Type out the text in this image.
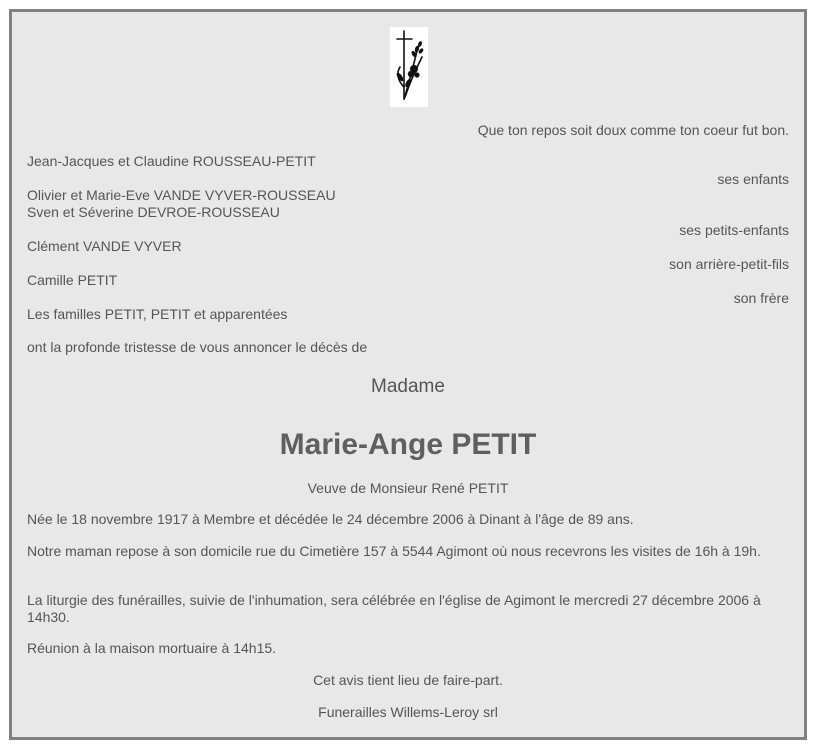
Que ton repos soit doux comme ton coeur fut bon.
Jean-Jacques et Claudine ROUSSEAU-PETIT
ses enfants
Olivier et Marie-Eve VANDE VYVER-ROUSSEAU
Sven et Séverine DEVROE-ROUSSEAU
ses petits-enfants
Clément VANDE VYVER
son arrière-petit-fils
Camille PETIT
son frère
Les familles PETIT, PETIT et apparentées
ont la profonde tristesse de vous annoncer le décès de
Madame
Marie-Ange PETIT
Veuve de Monsieur René PETIT
Née le 18 novembre 1917 à Membre et décédée le 24 décembre 2006 à Dinant à l'âge de 89 ans.
Notre maman repose à son domicile rue du Cimetière 157 à 5544 Agimont où nous recevrons les visites de 16h à 19h.
La liturgie des funérailles, suivie de l'inhumation, sera célébrée en l'église de Agimont le mercredi 27 décembre 2006 à 14h30.
Réunion à la maison mortuaire à 14h15.
Cet avis tient lieu de faire-part.
Funerailles Willems-Leroy srl
